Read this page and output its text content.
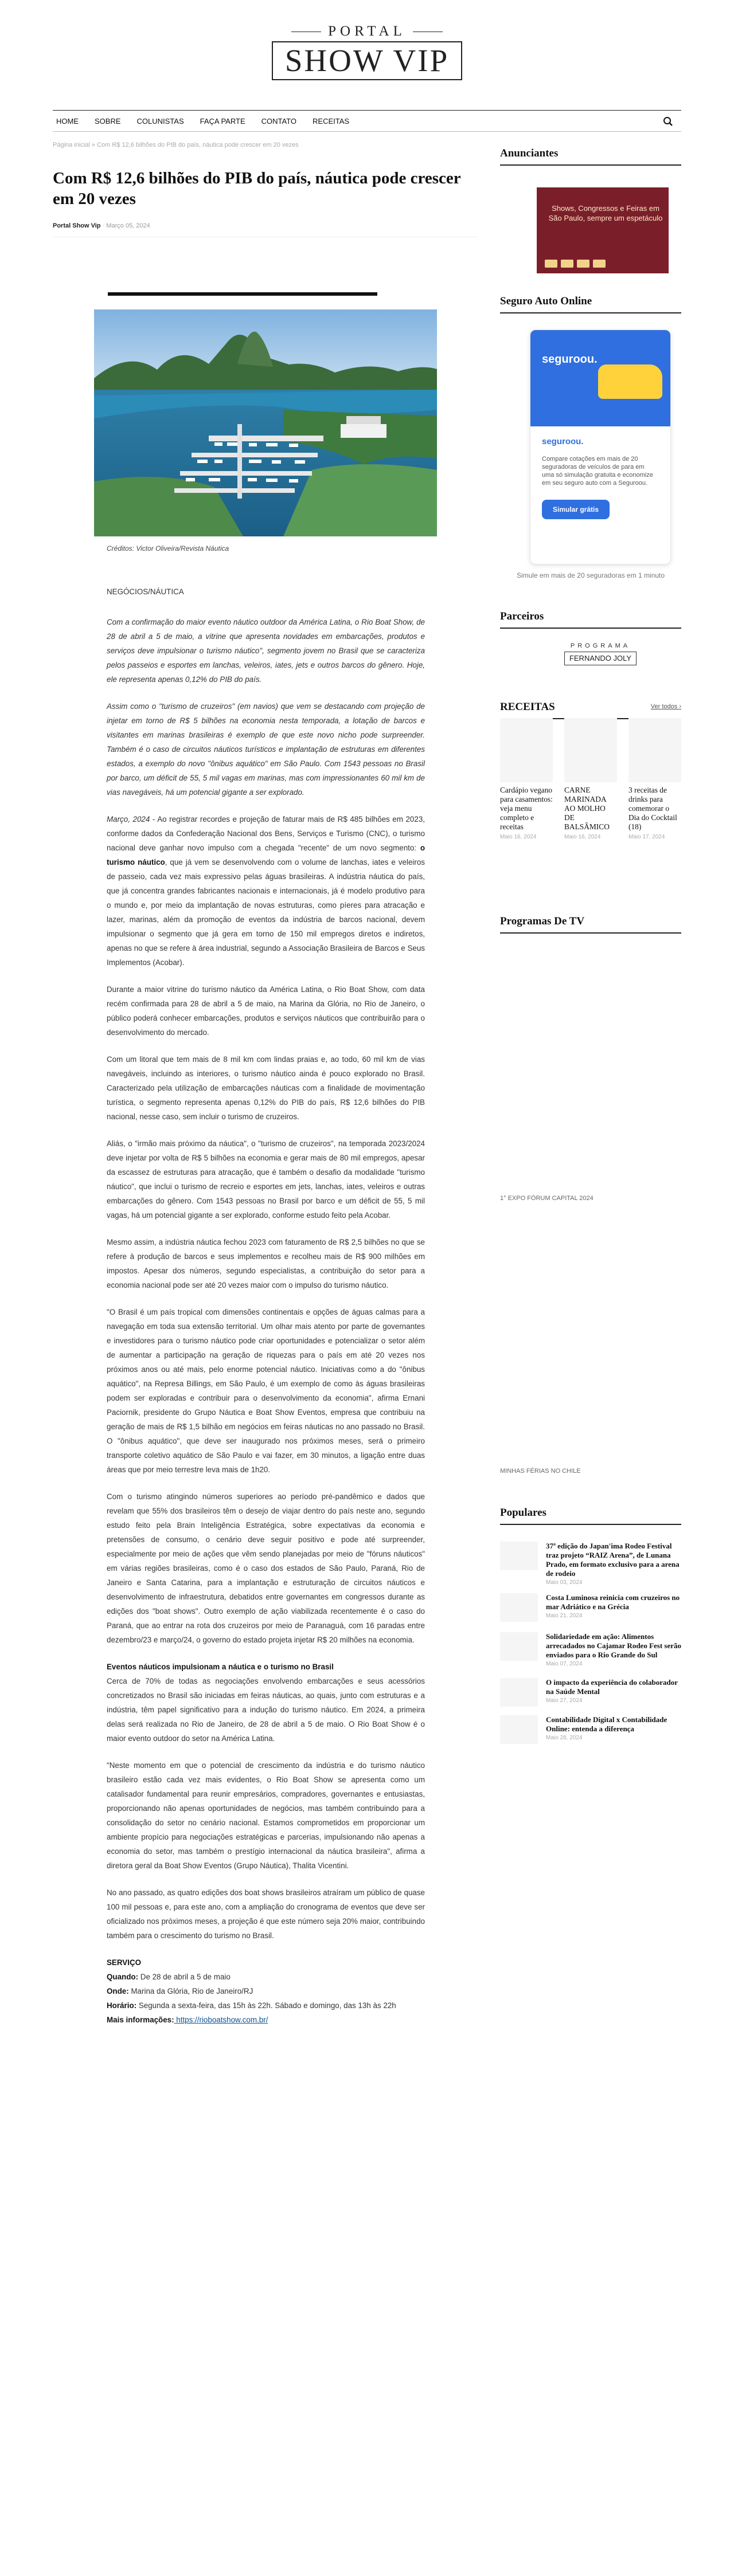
PORTAL
SHOW VIP
HOME SOBRE COLUNISTAS FAÇA PARTE CONTATO RECEITAS
Página inicial » Com R$ 12,6 bilhões do PIB do país, náutica pode crescer em 20 vezes
Com R$ 12,6 bilhões do PIB do país, náutica pode crescer em 20 vezes
Portal Show Vip - Março 05, 2024
Créditos: Victor Oliveira/Revista Náutica

NEGÓCIOS/NÁUTICA

Com a confirmação do maior evento náutico outdoor da América Latina, o Rio Boat Show, de 28 de abril a 5 de maio, a vitrine que apresenta novidades em embarcações, produtos e serviços deve impulsionar o turismo náutico", segmento jovem no Brasil que se caracteriza pelos passeios e esportes em lanchas, veleiros, iates, jets e outros barcos do gênero. Hoje, ele representa apenas 0,12% do PIB do país.

Assim como o "turismo de cruzeiros" (em navios) que vem se destacando com projeção de injetar em torno de R$ 5 bilhões na economia nesta temporada, a lotação de barcos e visitantes em marinas brasileiras é exemplo de que este novo nicho pode surpreender. Também é o caso de circuitos náuticos turísticos e implantação de estruturas em diferentes estados, a exemplo do novo "ônibus aquático" em São Paulo. Com 1543 pessoas no Brasil por barco, um déficit de 55, 5 mil vagas em marinas, mas com impressionantes 60 mil km de vias navegáveis, há um potencial gigante a ser explorado.

Março, 2024 - Ao registrar recordes e projeção de faturar mais de R$ 485 bilhões em 2023, conforme dados da Confederação Nacional dos Bens, Serviços e Turismo (CNC), o turismo nacional deve ganhar novo impulso com a chegada "recente" de um novo segmento: o turismo náutico, que já vem se desenvolvendo com o volume de lanchas, iates e veleiros de passeio, cada vez mais expressivo pelas águas brasileiras. A indústria náutica do país, que já concentra grandes fabricantes nacionais e internacionais, já é modelo produtivo para o mundo e, por meio da implantação de novas estruturas, como píeres para atracação e lazer, marinas, além da promoção de eventos da indústria de barcos nacional, devem impulsionar o segmento que já gera em torno de 150 mil empregos diretos e indiretos, apenas no que se refere à área industrial, segundo a Associação Brasileira de Barcos e Seus Implementos (Acobar).

Durante a maior vitrine do turismo náutico da América Latina, o Rio Boat Show, com data recém confirmada para 28 de abril a 5 de maio, na Marina da Glória, no Rio de Janeiro, o público poderá conhecer embarcações, produtos e serviços náuticos que contribuirão para o desenvolvimento do mercado.

Com um litoral que tem mais de 8 mil km com lindas praias e, ao todo, 60 mil km de vias navegáveis, incluindo as interiores, o turismo náutico ainda é pouco explorado no Brasil. Caracterizado pela utilização de embarcações náuticas com a finalidade de movimentação turística, o segmento representa apenas 0,12% do PIB do país, R$ 12,6 bilhões do PIB nacional, nesse caso, sem incluir o turismo de cruzeiros.

Aliás, o "irmão mais próximo da náutica", o "turismo de cruzeiros", na temporada 2023/2024 deve injetar por volta de R$ 5 bilhões na economia e gerar mais de 80 mil empregos, apesar da escassez de estruturas para atracação, que é também o desafio da modalidade "turismo náutico", que inclui o turismo de recreio e esportes em jets, lanchas, iates, veleiros e outras embarcações do gênero. Com 1543 pessoas no Brasil por barco e um déficit de 55, 5 mil vagas, há um potencial gigante a ser explorado, conforme estudo feito pela Acobar.

Mesmo assim, a indústria náutica fechou 2023 com faturamento de R$ 2,5 bilhões no que se refere à produção de barcos e seus implementos e recolheu mais de R$ 900 milhões em impostos. Apesar dos números, segundo especialistas, a contribuição do setor para a economia nacional pode ser até 20 vezes maior com o impulso do turismo náutico.

"O Brasil é um país tropical com dimensões continentais e opções de águas calmas para a navegação em toda sua extensão territorial. Um olhar mais atento por parte de governantes e investidores para o turismo náutico pode criar oportunidades e potencializar o setor além de aumentar a participação na geração de riquezas para o país em até 20 vezes nos próximos anos ou até mais, pelo enorme potencial náutico. Iniciativas como a do "ônibus aquático", na Represa Billings, em São Paulo, é um exemplo de como às águas brasileiras podem ser exploradas e contribuir para o desenvolvimento da economia", afirma Ernani Paciornik, presidente do Grupo Náutica e Boat Show Eventos, empresa que contribuiu na geração de mais de R$ 1,5 bilhão em negócios em feiras náuticas no ano passado no Brasil. O "ônibus aquático", que deve ser inaugurado nos próximos meses, será o primeiro transporte coletivo aquático de São Paulo e vai fazer, em 30 minutos, a ligação entre duas áreas que por meio terrestre leva mais de 1h20.

Com o turismo atingindo números superiores ao período pré-pandêmico e dados que revelam que 55% dos brasileiros têm o desejo de viajar dentro do país neste ano, segundo estudo feito pela Brain Inteligência Estratégica, sobre expectativas da economia e pretensões de consumo, o cenário deve seguir positivo e pode até surpreender, especialmente por meio de ações que vêm sendo planejadas por meio de "fóruns náuticos" em várias regiões brasileiras, como é o caso dos estados de São Paulo, Paraná, Rio de Janeiro e Santa Catarina, para a implantação e estruturação de circuitos náuticos e desenvolvimento de infraestrutura, debatidos entre governantes em congressos durante as edições dos "boat shows". Outro exemplo de ação viabilizada recentemente é o caso do Paraná, que ao entrar na rota dos cruzeiros por meio de Paranaguá, com 16 paradas entre dezembro/23 e março/24, o governo do estado projeta injetar R$ 20 milhões na economia.

Eventos náuticos impulsionam a náutica e o turismo no Brasil

Cerca de 70% de todas as negociações envolvendo embarcações e seus acessórios concretizados no Brasil são iniciadas em feiras náuticas, ao quais, junto com estruturas e a indústria, têm papel significativo para a indução do turismo náutico. Em 2024, a primeira delas será realizada no Rio de Janeiro, de 28 de abril a 5 de maio. O Rio Boat Show é o maior evento outdoor do setor na América Latina.

"Neste momento em que o potencial de crescimento da indústria e do turismo náutico brasileiro estão cada vez mais evidentes, o Rio Boat Show se apresenta como um catalisador fundamental para reunir empresários, compradores, governantes e entusiastas, proporcionando não apenas oportunidades de negócios, mas também contribuindo para a consolidação do setor no cenário nacional. Estamos comprometidos em proporcionar um ambiente propício para negociações estratégicas e parcerias, impulsionando não apenas a economia do setor, mas também o prestígio internacional da náutica brasileira", afirma a diretora geral da Boat Show Eventos (Grupo Náutica), Thalita Vicentini.

No ano passado, as quatro edições dos boat shows brasileiros atraíram um público de quase 100 mil pessoas e, para este ano, com a ampliação do cronograma de eventos que deve ser oficializado nos próximos meses, a projeção é que este número seja 20% maior, contribuindo também para o crescimento do turismo no Brasil.

SERVIÇO

Quando: De 28 de abril a 5 de maio
Onde: Marina da Glória, Rio de Janeiro/RJ
Horário: Segunda a sexta-feira, das 15h às 22h. Sábado e domingo, das 13h às 22h
Mais informações: https://rioboatshow.com.br/
Anunciantes
Shows, Congressos e Feiras em São Paulo, sempre um espetáculo
Seguro Auto Online
seguroou.
seguroou.
Compare cotações em mais de 20 seguradoras de veículos de para em uma só simulação gratuita e economize em seu seguro auto com a Seguroou.
Simular grátis
Simule em mais de 20 seguradoras em 1 minuto
Parceiros
PROGRAMA
FERNANDO JOLY
RECEITAS	Ver todos ›
Cardápio vegano para casamentos: veja menu completo e receitas
Maio 16, 2024
CARNE MARINADA AO MOLHO DE BALSÂMICO
Maio 16, 2024
3 receitas de drinks para comemorar o Dia do Cocktail (18)
Maio 17, 2024
Programas De TV
1° EXPO FÓRUM CAPITAL 2024
MINHAS FÉRIAS NO CHILE
Populares
37ª edição do Japan'ima Rodeo Festival traz projeto “RAIZ Arena”, de Lunana Prado, em formato exclusivo para a arena de rodeio
Maio 03, 2024
Costa Luminosa reinicia com cruzeiros no mar Adriático e na Grécia
Maio 21, 2024
Solidariedade em ação: Alimentos arrecadados no Cajamar Rodeo Fest serão enviados para o Rio Grande do Sul
Maio 07, 2024
O impacto da experiência do colaborador na Saúde Mental
Maio 27, 2024
Contabilidade Digital x Contabilidade Online: entenda a diferença
Maio 28, 2024
